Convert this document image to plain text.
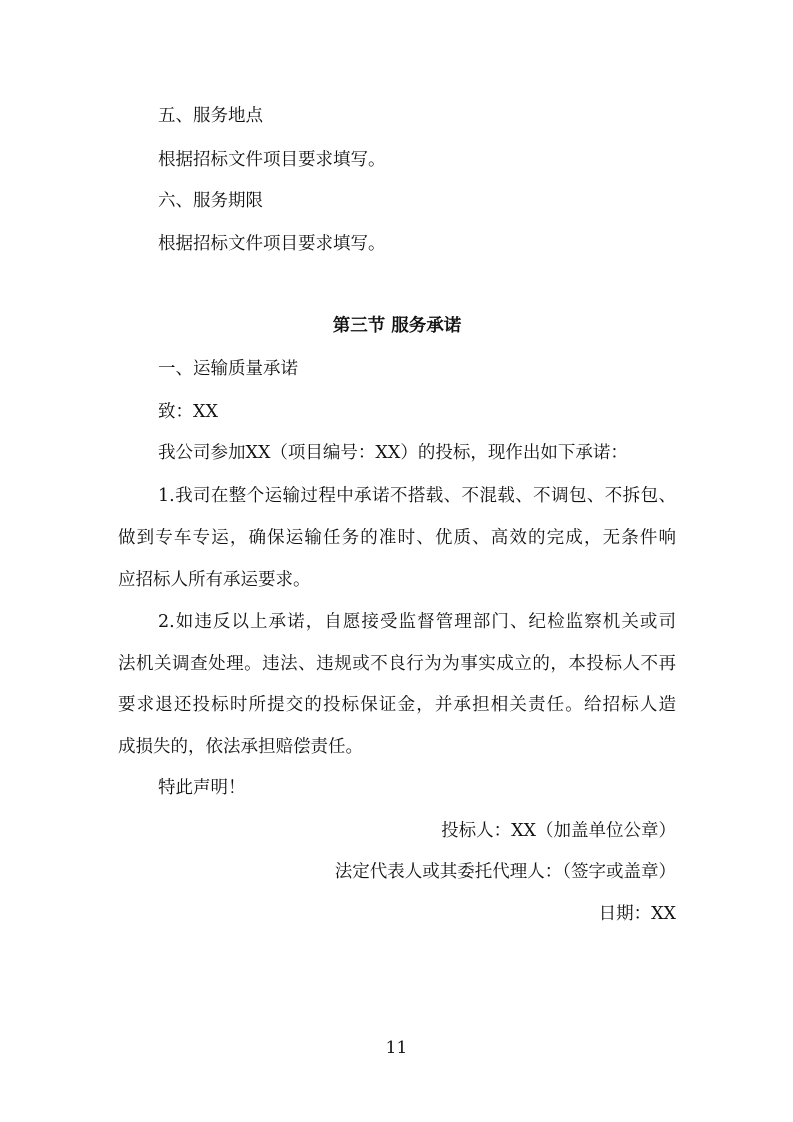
五、服务地点
根据招标文件项目要求填写。
六、服务期限
根据招标文件项目要求填写。
第三节 服务承诺
一、运输质量承诺
致：XX
我公司参加XX（项目编号：XX）的投标，现作出如下承诺：
1.我司在整个运输过程中承诺不搭载、不混载、不调包、不拆包、
做到专车专运，确保运输任务的准时、优质、高效的完成，无条件响
应招标人所有承运要求。
2.如违反以上承诺，自愿接受监督管理部门、纪检监察机关或司
法机关调查处理。违法、违规或不良行为为事实成立的，本投标人不再
要求退还投标时所提交的投标保证金，并承担相关责任。给招标人造
成损失的，依法承担赔偿责任。
特此声明！
投标人：XX（加盖单位公章）
法定代表人或其委托代理人：（签字或盖章）
日期：XX
11
